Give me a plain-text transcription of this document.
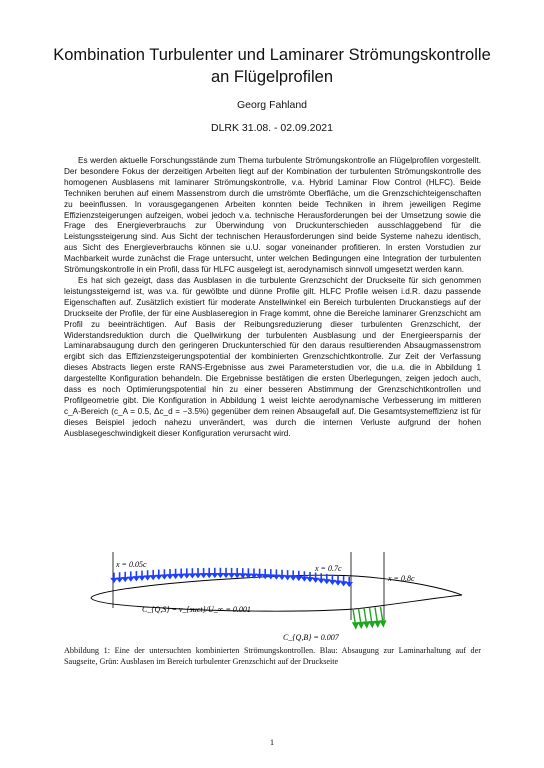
Kombination Turbulenter und Laminarer Strömungskontrolle
an Flügelprofilen
Georg Fahland
DLRK 31.08. - 02.09.2021

Es werden aktuelle Forschungsstände zum Thema turbulente Strömungskontrolle an Flügelprofilen vorgestellt. Der besondere Fokus der derzeitigen Arbeiten liegt auf der Kombination der turbulenten Strömungskontrolle des homogenen Ausblasens mit laminarer Strömungskontrolle, v.a. Hybrid Laminar Flow Control (HLFC). Beide Techniken beruhen auf einem Massenstrom durch die umströmte Oberfläche, um die Grenzschichteigenschaften zu beeinflussen. In vorausgegangenen Arbeiten konnten beide Techniken in ihrem jeweiligen Regime Effizienzsteigerungen aufzeigen, wobei jedoch v.a. technische Herausforderungen bei der Umsetzung sowie die Frage des Energieverbrauchs zur Überwindung von Druckunterschieden ausschlaggebend für die Leistungssteigerung sind. Aus Sicht der technischen Herausforderungen sind beide Systeme nahezu identisch, aus Sicht des Energieverbrauchs können sie u.U. sogar voneinander profitieren. In ersten Vorstudien zur Machbarkeit wurde zunächst die Frage untersucht, unter welchen Bedingungen eine Integration der turbulenten Strömungskontrolle in ein Profil, dass für HLFC ausgelegt ist, aerodynamisch sinnvoll umgesetzt werden kann.

Es hat sich gezeigt, dass das Ausblasen in die turbulente Grenzschicht der Druckseite für sich genommen leistungssteigernd ist, was v.a. für gewölbte und dünne Profile gilt. HLFC Profile weisen i.d.R. dazu passende Eigenschaften auf. Zusätzlich existiert für moderate Anstellwinkel ein Bereich turbulenten Druckanstiegs auf der Druckseite der Profile, der für eine Ausblaseregion in Frage kommt, ohne die Bereiche laminarer Grenzschicht am Profil zu beeinträchtigen. Auf Basis der Reibungsreduzierung dieser turbulenten Grenzschicht, der Widerstandsreduktion durch die Quellwirkung der turbulenten Ausblasung und der Energieersparnis der Laminarabsaugung durch den geringeren Druckunterschied für den daraus resultierenden Absaugmassenstrom ergibt sich das Effizienzsteigerungspotential der kombinierten Grenzschichtkontrolle. Zur Zeit der Verfassung dieses Abstracts liegen erste RANS-Ergebnisse aus zwei Parameterstudien vor, die u.a. die in Abbildung 1 dargestellte Konfiguration behandeln. Die Ergebnisse bestätigen die ersten Überlegungen, zeigen jedoch auch, dass es noch Optimierungspotential hin zu einer besseren Abstimmung der Grenzschichtkontrollen und Profilgeometrie gibt. Die Konfiguration in Abbildung 1 weist leichte aerodynamische Verbesserung im mittleren c_A-Bereich (c_A = 0.5, Δc_d = −3.5%) gegenüber dem reinen Absaugefall auf. Die Gesamtsystemeffizienz ist für dieses Beispiel jedoch nahezu unverändert, was durch die internen Verluste aufgrund der hohen Ausblasegeschwindigkeit dieser Konfiguration verursacht wird.

x = 0.05c	x = 0.7c
x = 0.8c
C_{Q,S} = v_{suct}/U_∞ = 0.001
C_{Q,B} = 0.007
Abbildung 1: Eine der untersuchten kombinierten Strömungskontrollen. Blau: Absaugung zur Laminarhaltung auf der Saugseite, Grün: Ausblasen im Bereich turbulenter Grenzschicht auf der Druckseite
1
